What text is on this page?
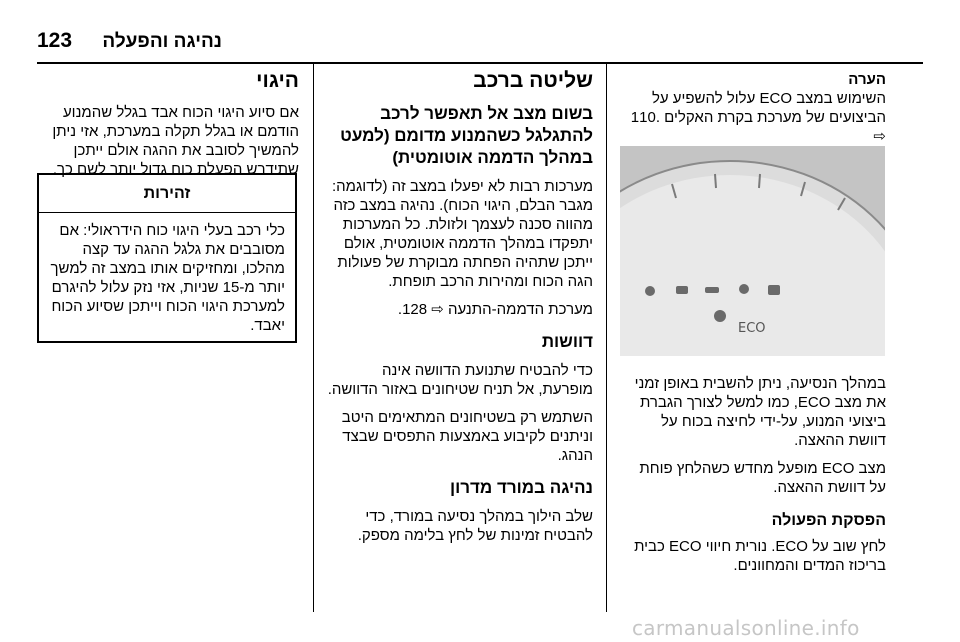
123 נהיגה והפעלה
הערה

השימוש במצב ECO עלול להשפיע על הביצועים של מערכת בקרת האקלים .110 ⇨

ECO

במהלך הנסיעה, ניתן להשבית באופן זמני את מצב ECO, כמו למשל לצורך הגברת ביצועי המנוע, על-ידי לחיצה בכוח על דוושת ההאצה.

מצב ECO מופעל מחדש כשהלחץ פוחת על דוושת ההאצה.

הפסקת הפעולה

לחץ שוב על ECO. נורית חיווי ECO כבית בריכוז המדים והמחוונים.

שליטה ברכב
בשום מצב אל תאפשר לרכב להתגלגל כשהמנוע מדומם (למעט במהלך הדממה אוטומטית)

מערכות רבות לא יפעלו במצב זה (לדוגמה: מגבר הבלם, היגוי הכוח). נהיגה במצב כזה מהווה סכנה לעצמך ולזולת. כל המערכות יתפקדו במהלך הדממה אוטומטית, אולם ייתכן שתהיה הפחתה מבוקרת של פעולות הגה הכוח ומהירות הרכב תופחת.

מערכת הדממה-התנעה ⇨ 128.

דוושות

כדי להבטיח שתנועת הדוושה אינה מופרעת, אל תניח שטיחונים באזור הדוושה.

השתמש רק בשטיחונים המתאימים היטב וניתנים לקיבוע באמצעות התפסים שבצד הנהג.

נהיגה במורד מדרון

שלב הילוך במהלך נסיעה במורד, כדי להבטיח זמינות של לחץ בלימה מספק.

היגוי

אם סיוע היגוי הכוח אבד בגלל שהמנוע הודמם או בגלל תקלה במערכת, אזי ניתן להמשיך לסובב את ההגה אולם ייתכן שתידרש הפעלת כוח גדול יותר לשם כך.

זהירות
כלי רכב בעלי היגוי כוח הידראולי: אם מסובבים את גלגל ההגה עד קצה מהלכו, ומחזיקים אותו במצב זה למשך יותר מ-15 שניות, אזי נזק עלול להיגרם למערכת היגוי הכוח וייתכן שסיוע הכוח יאבד.
carmanualsonline.info
